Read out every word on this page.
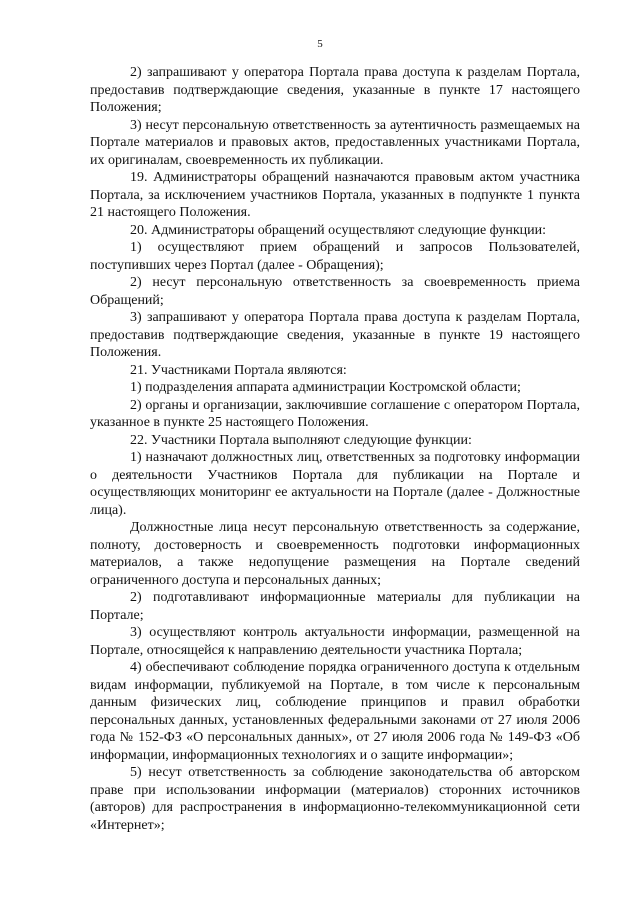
5

2) запрашивают у оператора Портала права доступа к разделам Портала, предоставив подтверждающие сведения, указанные в пункте 17 настоящего Положения;

3) несут персональную ответственность за аутентичность размещаемых на Портале материалов и правовых актов, предоставленных участниками Портала, их оригиналам, своевременность их публикации.

19. Администраторы обращений назначаются правовым актом участника Портала, за исключением участников Портала, указанных в подпункте 1 пункта 21 настоящего Положения.

20. Администраторы обращений осуществляют следующие функции:

1) осуществляют прием обращений и запросов Пользователей, поступивших через Портал (далее - Обращения);

2) несут персональную ответственность за своевременность приема Обращений;

3) запрашивают у оператора Портала права доступа к разделам Портала, предоставив подтверждающие сведения, указанные в пункте 19 настоящего Положения.

21. Участниками Портала являются:

1) подразделения аппарата администрации Костромской области;

2) органы и организации, заключившие соглашение с оператором Портала, указанное в пункте 25 настоящего Положения.

22. Участники Портала выполняют следующие функции:

1) назначают должностных лиц, ответственных за подготовку информации о деятельности Участников Портала для публикации на Портале и осуществляющих мониторинг ее актуальности на Портале (далее - Должностные лица).

Должностные лица несут персональную ответственность за содержание, полноту, достоверность и своевременность подготовки информационных материалов, а также недопущение размещения на Портале сведений ограниченного доступа и персональных данных;

2) подготавливают информационные материалы для публикации на Портале;

3) осуществляют контроль актуальности информации, размещенной на Портале, относящейся к направлению деятельности участника Портала;

4) обеспечивают соблюдение порядка ограниченного доступа к отдельным видам информации, публикуемой на Портале, в том числе к персональным данным физических лиц, соблюдение принципов и правил обработки персональных данных, установленных федеральными законами от 27 июля 2006 года № 152-ФЗ «О персональных данных», от 27 июля 2006 года № 149-ФЗ «Об информации, информационных технологиях и о защите информации»;

5) несут ответственность за соблюдение законодательства об авторском праве при использовании информации (материалов) сторонних источников (авторов) для распространения в информационно-телекоммуникационной сети «Интернет»;
